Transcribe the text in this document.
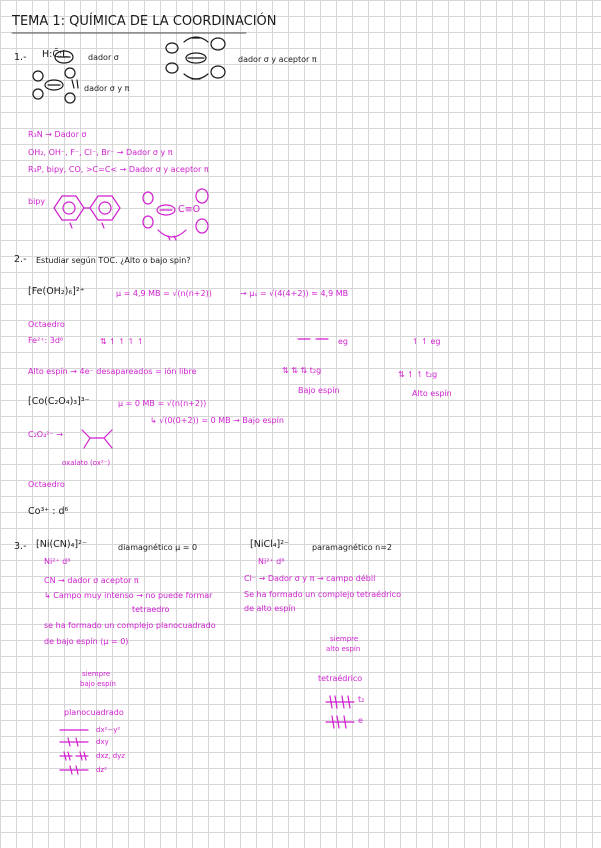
TEMA 1: QUÍMICA DE LA COORDINACIÓN
1.- H:C̄:L	dador σ
dador σ y π
dador σ y aceptor π
R₃N → Dador σ
OH₂, OH⁻, F⁻, Cl⁻, Br⁻ → Dador σ y π
R₃P, bipy, CO, >C=C< → Dador σ y aceptor π
bipy
C≡O
2.- Estudiar según TOC. ¿Alto o bajo spin?
[Fe(OH₂)₆]²⁺	μ = 4,9 MB = √(n(n+2))	→ μₛ = √(4(4+2)) ≈ 4,9 MB
Octaedro
Fe²⁺: 3d⁶	⇅ ↿ ↿ ↿ ↿	eg	↿ ↿ eg
Alto espín → 4e⁻ desapareados = ión libre	⇅ ⇅ ⇅ t₂g
Bajo espín
⇅ ↿ ↿ t₂g
Alto espín
[Co(C₂O₄)₃]³⁻	μ = 0 MB = √(n(n+2))
↳ √(0(0+2)) = 0 MB → Bajo espín
C₂O₄²⁻ →
oxalato (ox²⁻)
Octaedro
Co³⁺ : d⁶
3.- [Ni(CN)₄]²⁻	diamagnético μ = 0
Ni²⁺ d⁸
CN → dador σ aceptor π
↳ Campo muy intenso → no puede formar
tetraedro
se ha formado un complejo planocuadrado
de bajo espín (μ = 0)
siempre
bajo espín
planocuadrado
dx²−y²
dxy
dxz, dyz
dz²
[NiCl₄]²⁻	paramagnético n=2
Ni²⁺ d⁸
Cl⁻ → Dador σ y π → campo débil
Se ha formado un complejo tetraédrico
de alto espín
siempre
alto espín
tetraédrico
t₂
e
